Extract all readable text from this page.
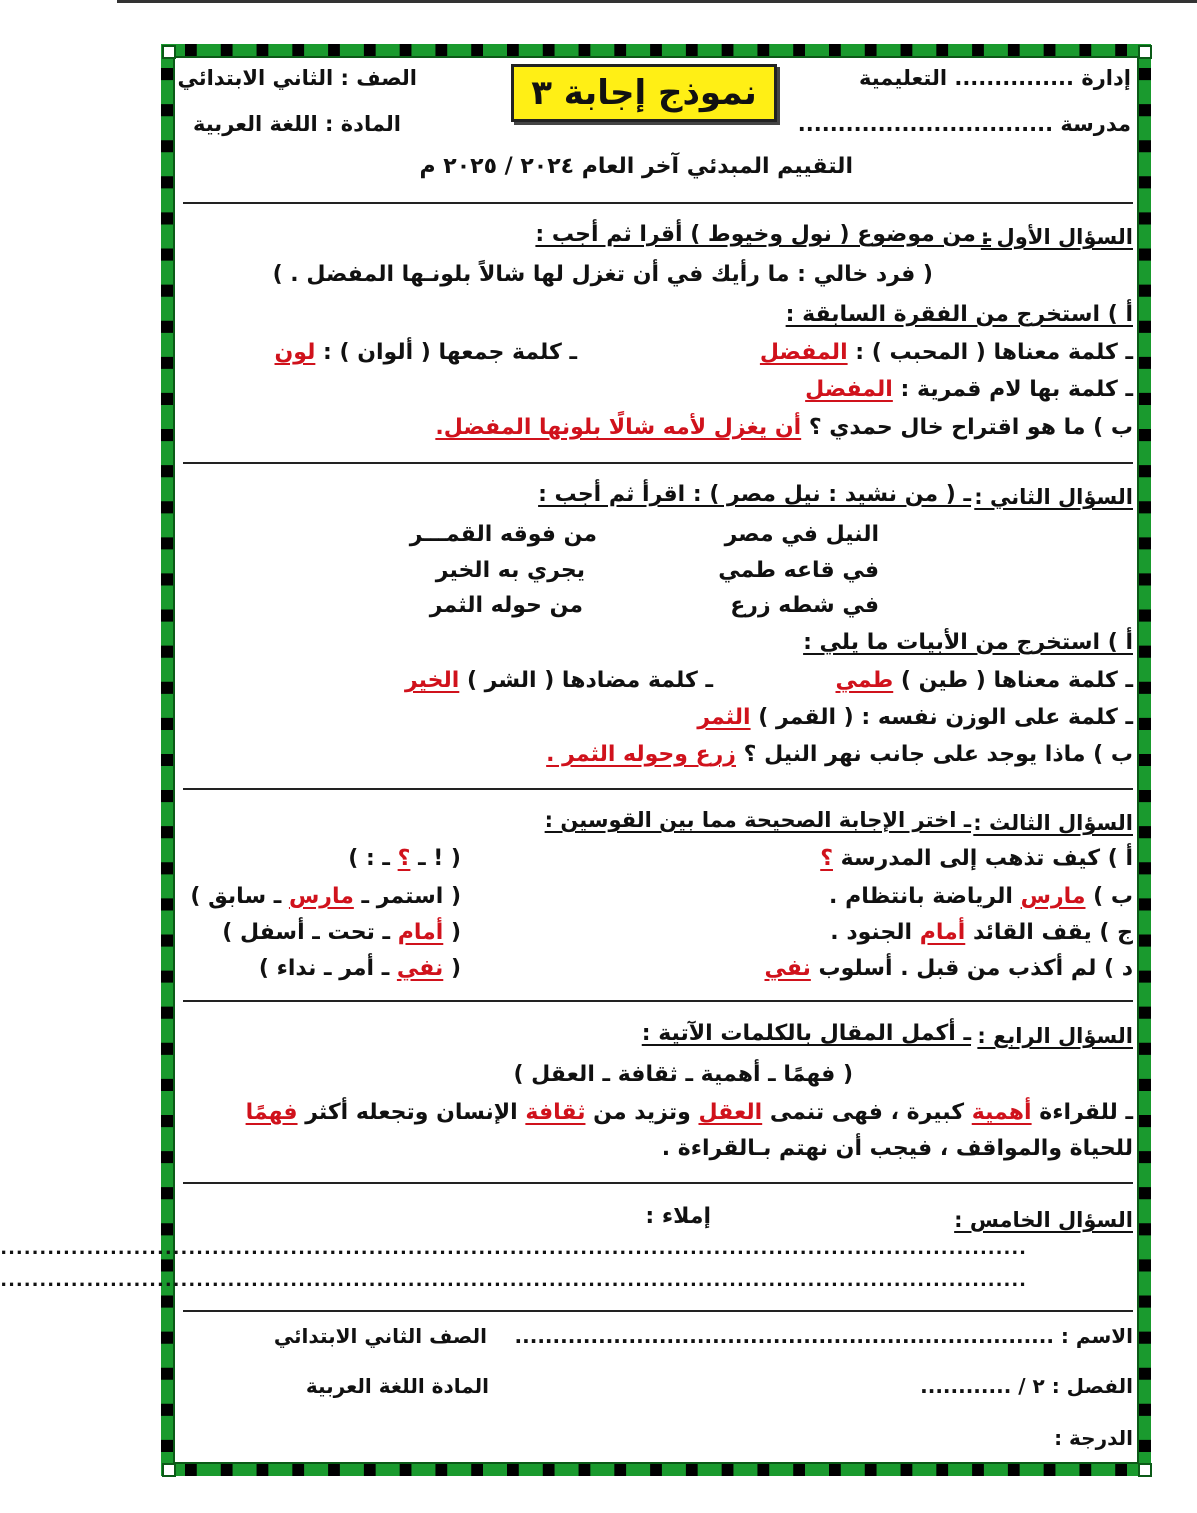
إدارة ............... التعليمية
مدرسة ................................
الصف : الثاني الابتدائي
المادة : اللغة العربية
نموذج إجابة ٣
التقييم المبدئي آخر العام ٢٠٢٤ / ٢٠٢٥ م
السؤال الأول :
ـ من موضوع ( نول وخيوط ) أقرا ثم أجب :
( فرد خالي : ما رأيك في أن تغزل لها شالاً بلونـها المفضل . )
أ ) استخرج من الفقرة السابقة :
ـ كلمة معناها ( المحبب ) : المفضل
ـ كلمة جمعها ( ألوان ) : لون
ـ كلمة بها لام قمرية : المفضل
ب ) ما هو اقتراح خال حمدي ؟ أن يغزل لأمه شالًا بلونها المفضل.
السؤال الثاني :
ـ ( من نشيد : نيل مصر ) : اقرأ ثم أجب :
النيل في مصر
من فوقه القمـــر
في قاعه طمي
يجري به الخير
في شطه زرع
من حوله الثمر
أ ) استخرج من الأبيات ما يلي :
ـ كلمة معناها ( طين ) طمي
ـ كلمة مضادها ( الشر ) الخير
ـ كلمة على الوزن نفسه : ( القمر ) الثمر
ب ) ماذا يوجد على جانب نهر النيل ؟ زرع وحوله الثمر .
السؤال الثالث :
ـ اختر الإجابة الصحيحة مما بين القوسين :
أ ) كيف تذهب إلى المدرسة ؟
( ! ـ ؟ ـ : )
ب ) مارس الرياضة بانتظام .
( استمر ـ مارس ـ سابق )
ج ) يقف القائد أمام الجنود .
( أمام ـ تحت ـ أسفل )
د ) لم أكذب من قبل . أسلوب نفي
( نفي ـ أمر ـ نداء )
السؤال الرابع :
ـ أكمل المقال بالكلمات الآتية :
( فهمًا ـ أهمية ـ ثقافة ـ العقل )
ـ للقراءة أهمية كبيرة ، فهى تنمى العقل وتزيد من ثقافة الإنسان وتجعله أكثر فهمًا
للحياة والمواقف ، فيجب أن نهتم بـالقراءة .
السؤال الخامس :
إملاء :
...................................................................................................................................
...................................................................................................................................
الاسم : .......................................................................
الصف الثاني الابتدائي
الفصل : ٢ / ............
المادة اللغة العربية
الدرجة :
